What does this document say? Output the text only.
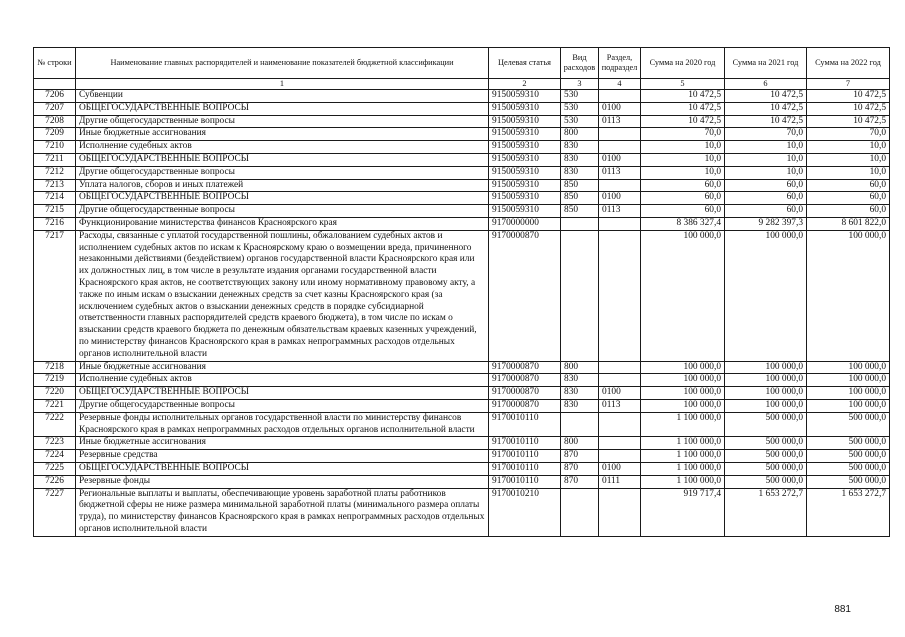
№ строки	Наименование главных распорядителей и наименование показателей бюджетной классификации	Целевая статья	Вид расходов	Раздел, подраздел	Сумма на 2020 год	Сумма на 2021 год	Сумма на 2022 год
	1	2	3	4	5	6	7
7206	Субвенции	9150059310	530		10 472,5	10 472,5	10 472,5
7207	ОБЩЕГОСУДАРСТВЕННЫЕ ВОПРОСЫ	9150059310	530	0100	10 472,5	10 472,5	10 472,5
7208	Другие общегосударственные вопросы	9150059310	530	0113	10 472,5	10 472,5	10 472,5
7209	Иные бюджетные ассигнования	9150059310	800		70,0	70,0	70,0
7210	Исполнение судебных актов	9150059310	830		10,0	10,0	10,0
7211	ОБЩЕГОСУДАРСТВЕННЫЕ ВОПРОСЫ	9150059310	830	0100	10,0	10,0	10,0
7212	Другие общегосударственные вопросы	9150059310	830	0113	10,0	10,0	10,0
7213	Уплата налогов, сборов и иных платежей	9150059310	850		60,0	60,0	60,0
7214	ОБЩЕГОСУДАРСТВЕННЫЕ ВОПРОСЫ	9150059310	850	0100	60,0	60,0	60,0
7215	Другие общегосударственные вопросы	9150059310	850	0113	60,0	60,0	60,0
7216	Функционирование министерства финансов Красноярского края	9170000000			8 386 327,4	9 282 397,3	8 601 822,0
7217	Расходы, связанные с уплатой государственной пошлины, обжалованием судебных актов и исполнением судебных актов по искам к Красноярскому краю о возмещении вреда, причиненного незаконными действиями (бездействием) органов государственной власти Красноярского края или их должностных лиц, в том числе в результате издания органами государственной власти Красноярского края актов, не соответствующих закону или иному нормативному правовому акту, а также по иным искам о взыскании денежных средств за счет казны Красноярского края (за исключением судебных актов о взыскании денежных средств в порядке субсидиарной ответственности главных распорядителей средств краевого бюджета), в том числе по искам о взыскании средств краевого бюджета по денежным обязательствам краевых казенных учреждений, по министерству финансов Красноярского края в рамках непрограммных расходов отдельных органов исполнительной власти	9170000870			100 000,0	100 000,0	100 000,0
7218	Иные бюджетные ассигнования	9170000870	800		100 000,0	100 000,0	100 000,0
7219	Исполнение судебных актов	9170000870	830		100 000,0	100 000,0	100 000,0
7220	ОБЩЕГОСУДАРСТВЕННЫЕ ВОПРОСЫ	9170000870	830	0100	100 000,0	100 000,0	100 000,0
7221	Другие общегосударственные вопросы	9170000870	830	0113	100 000,0	100 000,0	100 000,0
7222	Резервные фонды исполнительных органов государственной власти по министерству финансов Красноярского края в рамках непрограммных расходов отдельных органов исполнительной власти	9170010110			1 100 000,0	500 000,0	500 000,0
7223	Иные бюджетные ассигнования	9170010110	800		1 100 000,0	500 000,0	500 000,0
7224	Резервные средства	9170010110	870		1 100 000,0	500 000,0	500 000,0
7225	ОБЩЕГОСУДАРСТВЕННЫЕ ВОПРОСЫ	9170010110	870	0100	1 100 000,0	500 000,0	500 000,0
7226	Резервные фонды	9170010110	870	0111	1 100 000,0	500 000,0	500 000,0
7227	Региональные выплаты и выплаты, обеспечивающие уровень заработной платы работников бюджетной сферы не ниже размера минимальной заработной платы (минимального размера оплаты труда), по министерству финансов Красноярского края в рамках непрограммных расходов отдельных органов исполнительной власти	9170010210			919 717,4	1 653 272,7	1 653 272,7
881
